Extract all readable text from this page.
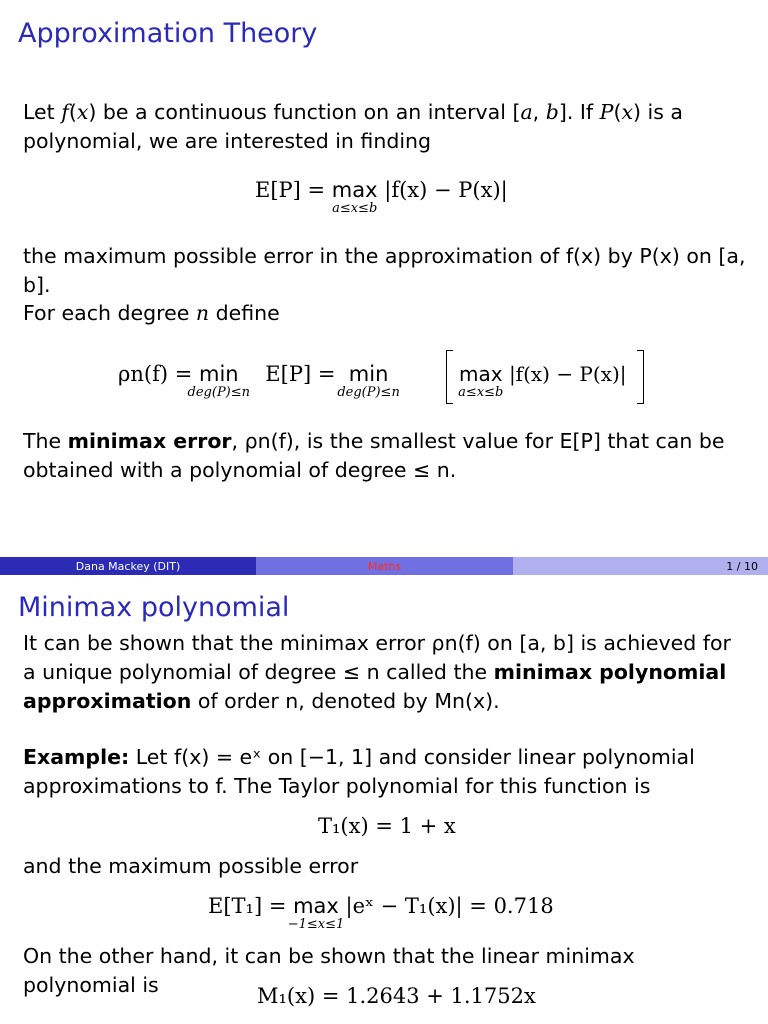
Approximation Theory
Let f(x) be a continuous function on an interval [a, b]. If P(x) is a polynomial, we are interested in finding
E[P] = max
a≤x≤b
|f(x) − P(x)|
the maximum possible error in the approximation of f(x) by P(x) on [a, b].
For each degree n define
ρn(f) = min
deg(P)≤n
E[P] =  min
deg(P)≤n

max
a≤x≤b
|f(x) − P(x)|
The minimax error, ρn(f), is the smallest value for E[P] that can be obtained with a polynomial of degree ≤ n.
Dana Mackey (DIT)	Maths	1 / 10
Minimax polynomial
It can be shown that the minimax error ρn(f) on [a, b] is achieved for a unique polynomial of degree ≤ n called the minimax polynomial approximation of order n, denoted by Mn(x).
Example: Let f(x) = eˣ on [−1, 1] and consider linear polynomial approximations to f. The Taylor polynomial for this function is
T₁(x) = 1 + x
and the maximum possible error
E[T₁] = max
−1≤x≤1
|eˣ − T₁(x)| = 0.718
On the other hand, it can be shown that the linear minimax polynomial is	M₁(x) = 1.2643 + 1.1752x
